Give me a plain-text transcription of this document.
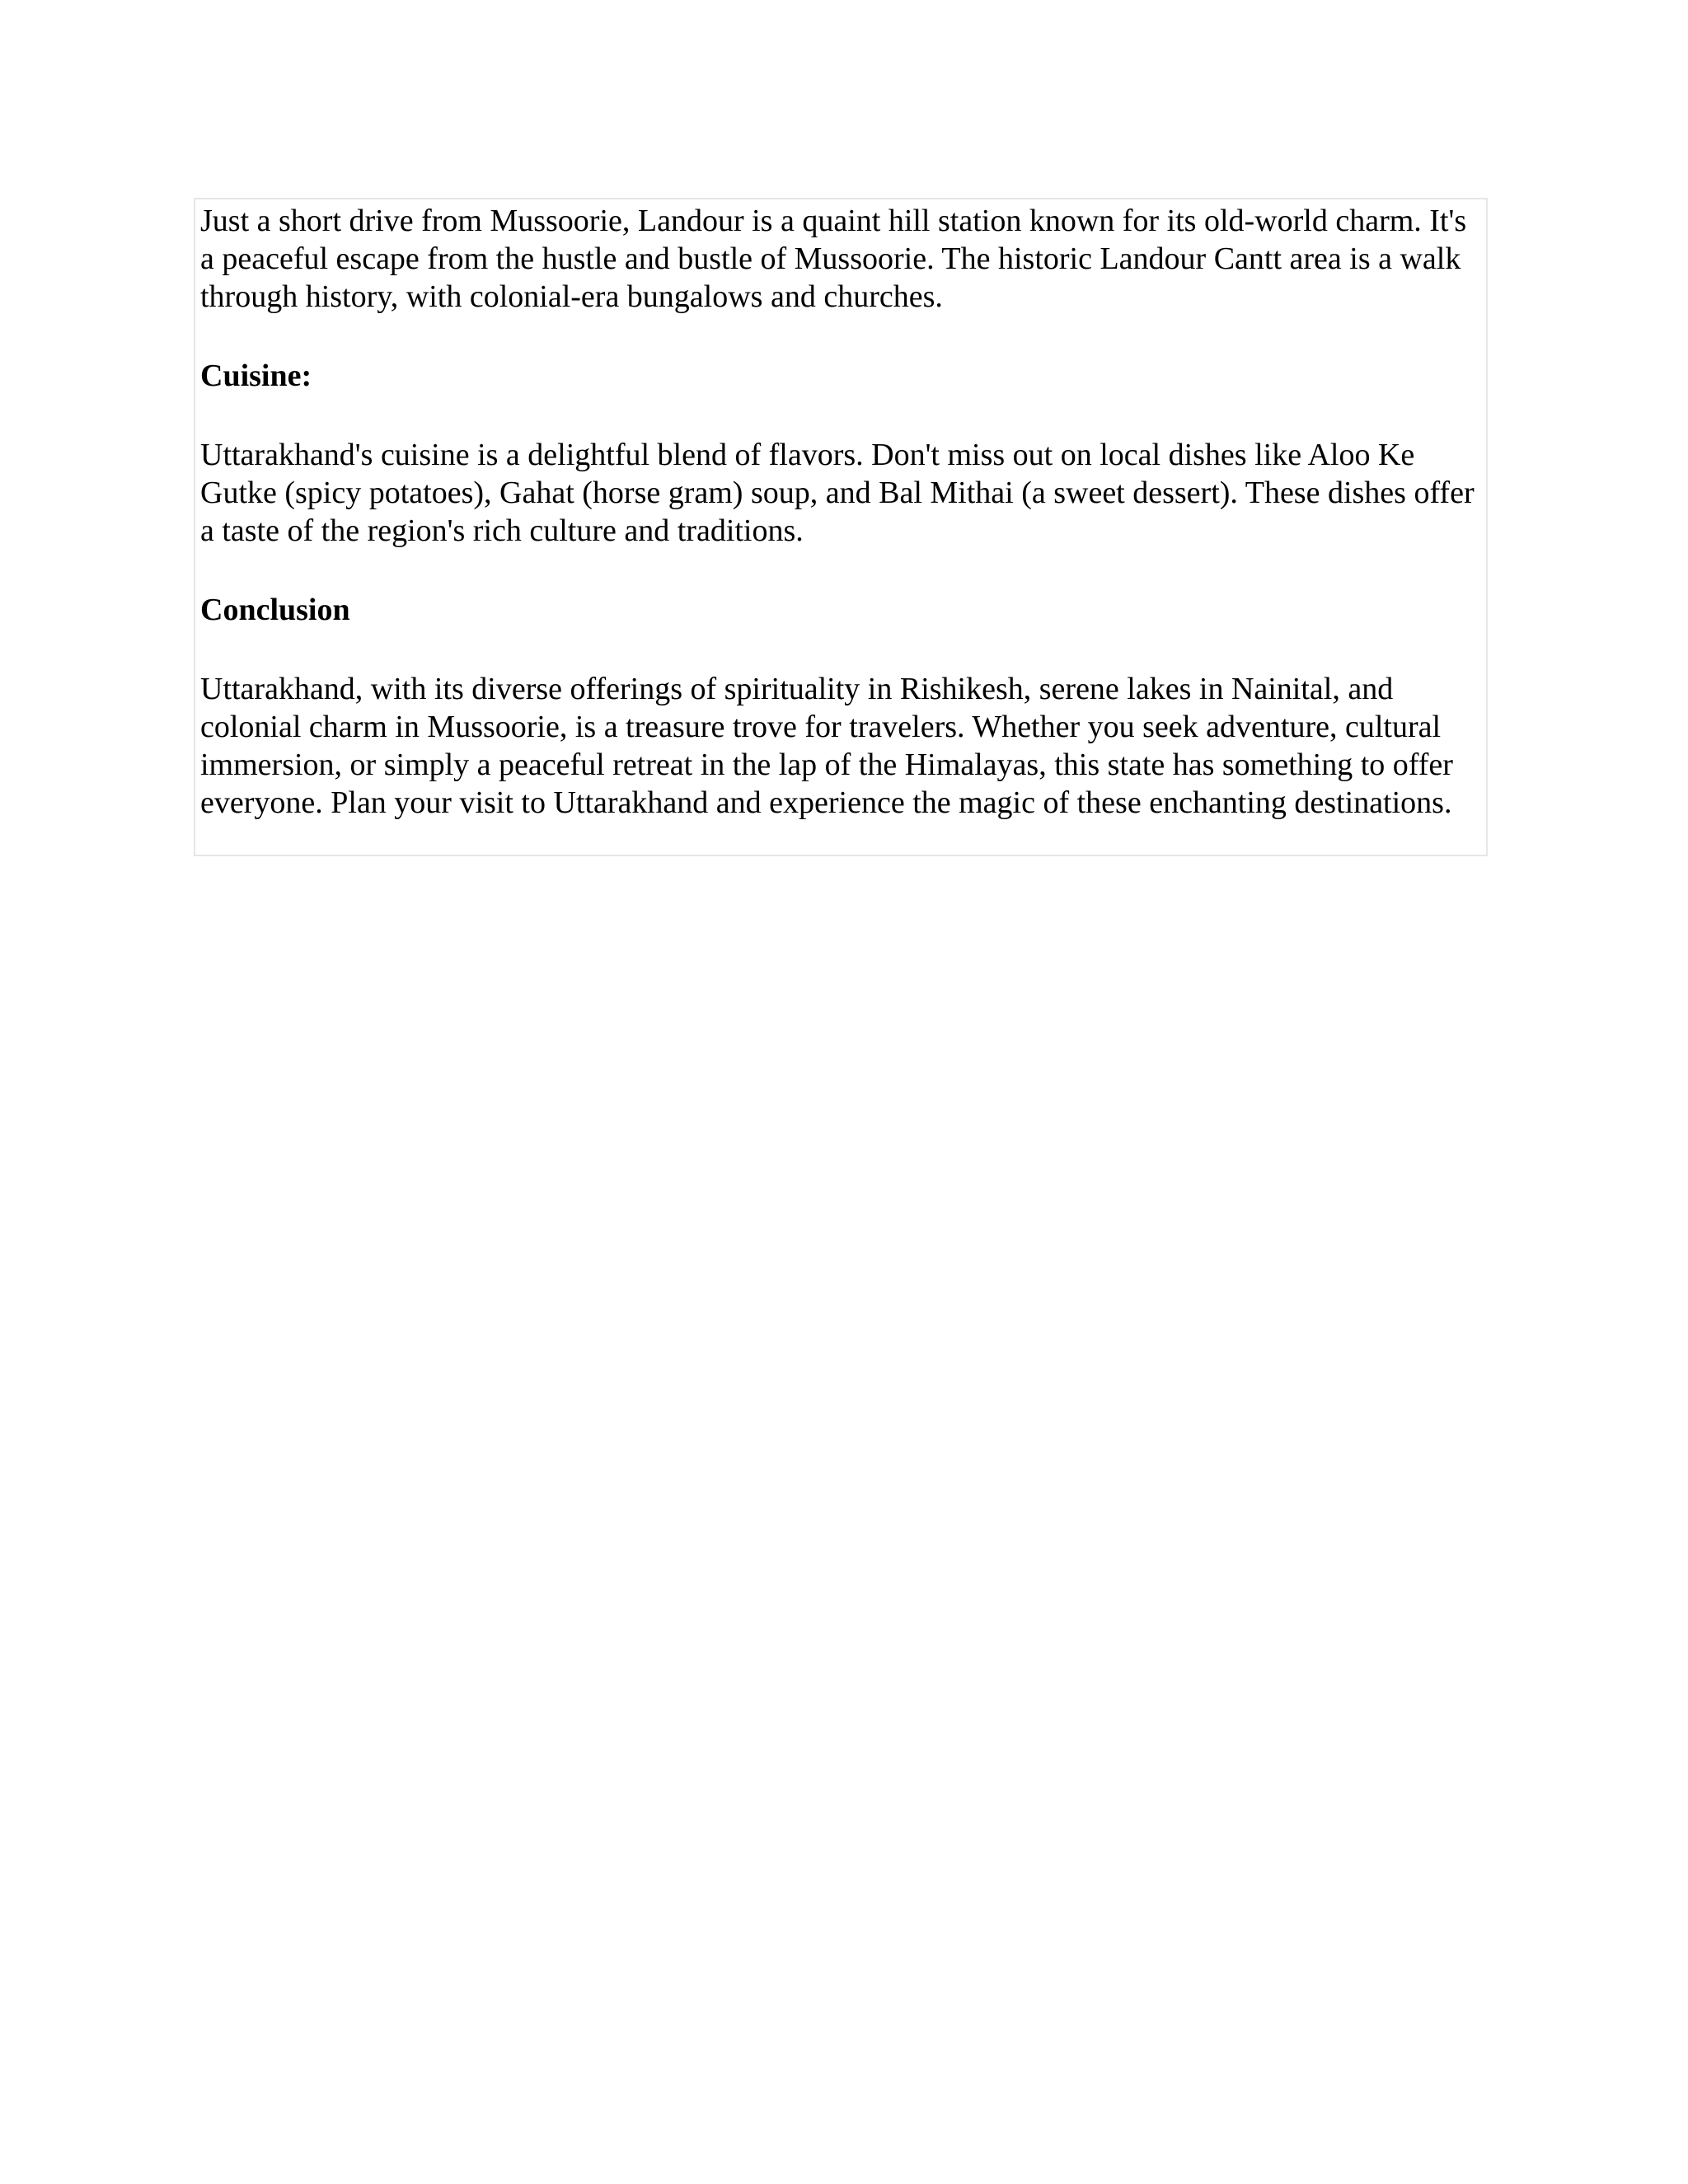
Just a short drive from Mussoorie, Landour is a quaint hill station known for its old-world charm. It's a peaceful escape from the hustle and bustle of Mussoorie. The historic Landour Cantt area is a walk through history, with colonial-era bungalows and churches.

Cuisine:

Uttarakhand's cuisine is a delightful blend of flavors. Don't miss out on local dishes like Aloo Ke Gutke (spicy potatoes), Gahat (horse gram) soup, and Bal Mithai (a sweet dessert). These dishes offer a taste of the region's rich culture and traditions.

Conclusion

Uttarakhand, with its diverse offerings of spirituality in Rishikesh, serene lakes in Nainital, and colonial charm in Mussoorie, is a treasure trove for travelers. Whether you seek adventure, cultural immersion, or simply a peaceful retreat in the lap of the Himalayas, this state has something to offer everyone. Plan your visit to Uttarakhand and experience the magic of these enchanting destinations.
